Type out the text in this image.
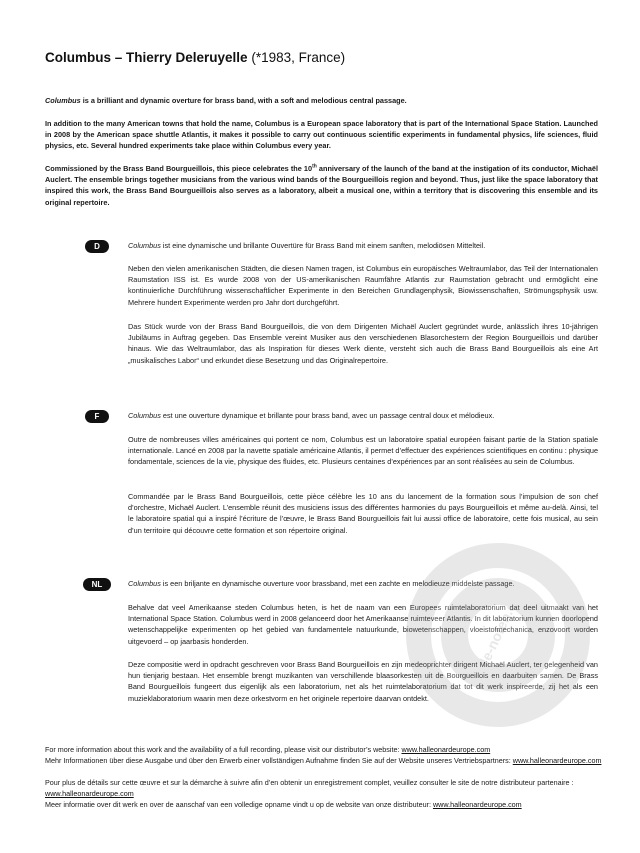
Columbus – Thierry Deleruyelle (*1983, France)

Columbus is a brilliant and dynamic overture for brass band, with a soft and melodious central passage.

In addition to the many American towns that hold the name, Columbus is a European space laboratory that is part of the International Space Station. Launched in 2008 by the American space shuttle Atlantis, it makes it possible to carry out continuous scientific experiments in fundamental physics, life sciences, fluid physics, etc. Several hundred experiments take place within Columbus every year.

Commissioned by the Brass Band Bourgueillois, this piece celebrates the 10th anniversary of the launch of the band at the instigation of its conductor, Michaël Auclert. The ensemble brings together musicians from the various wind bands of the Bourgueillois region and beyond. Thus, just like the space laboratory that inspired this work, the Brass Band Bourgueillois also serves as a laboratory, albeit a musical one, within a territory that is discovering this ensemble and its original repertoire.

D	Columbus ist eine dynamische und brillante Ouvertüre für Brass Band mit einem sanften, melodiösen Mittelteil.

Neben den vielen amerikanischen Städten, die diesen Namen tragen, ist Columbus ein europäisches Weltraumlabor, das Teil der Internationalen Raumstation ISS ist. Es wurde 2008 von der US-amerikanischen Raumfähre Atlantis zur Raumstation gebracht und ermöglicht eine kontinuierliche Durchführung wissenschaftlicher Experimente in den Bereichen Grundlagenphysik, Biowissenschaften, Strömungsphysik usw. Mehrere hundert Experimente werden pro Jahr dort durchgeführt.

Das Stück wurde von der Brass Band Bourgueillois, die von dem Dirigenten Michaël Auclert gegründet wurde, anlässlich ihres 10-jährigen Jubiläums in Auftrag gegeben. Das Ensemble vereint Musiker aus den verschiedenen Blasorchestern der Region Bourgueillois und darüber hinaus. Wie das Weltraumlabor, das als Inspiration für dieses Werk diente, versteht sich auch die Brass Band Bourgueillois als eine Art „musikalisches Labor“ und erkundet diese Besetzung und das Originalrepertoire.

F	Columbus est une ouverture dynamique et brillante pour brass band, avec un passage central doux et mélodieux.

Outre de nombreuses villes américaines qui portent ce nom, Columbus est un laboratoire spatial européen faisant partie de la Station spatiale internationale. Lancé en 2008 par la navette spatiale américaine Atlantis, il permet d’effectuer des expériences scientifiques en continu : physique fondamentale, sciences de la vie, physique des fluides, etc. Plusieurs centaines d’expériences par an sont réalisées au sein de Columbus.

Commandée par le Brass Band Bourgueillois, cette pièce célèbre les 10 ans du lancement de la formation sous l’impulsion de son chef d’orchestre, Michaël Auclert. L’ensemble réunit des musiciens issus des différentes harmonies du pays Bourgueillois et même au-delà. Ainsi, tel le laboratoire spatial qui a inspiré l’écriture de l’œuvre, le Brass Band Bourgueillois fait lui aussi office de laboratoire, cette fois musical, au sein d’un territoire qui découvre cette formation et son répertoire original.

NL	Columbus is een briljante en dynamische ouverture voor brassband, met een zachte en melodieuze middelste passage.

Behalve dat veel Amerikaanse steden Columbus heten, is het de naam van een Europees ruimtelaboratorium dat deel uitmaakt van het International Space Station. Columbus werd in 2008 gelanceerd door het Amerikaanse ruimteveer Atlantis. In dit laboratorium kunnen doorlopend wetenschappelijke experimenten op het gebied van fundamentele natuurkunde, biowetenschappen, vloeistofmechanica, enzovoort worden uitgevoerd – op jaarbasis honderden.

Deze compositie werd in opdracht geschreven voor Brass Band Bourgueillois en zijn medeoprichter dirigent Michaël Auclert, ter gelegenheid van hun tienjarig bestaan. Het ensemble brengt muzikanten van verschillende blaasorkesten uit de Bourgueillois en daarbuiten samen. De Brass Band Bourgueillois fungeert dus eigenlijk als een laboratorium, net als het ruimtelaboratorium dat tot dit werk inspireerde, zij het als een muzieklaboratorium waarin men deze orkestvorm en het originele repertoire daarvan ontdekt.

alle-noten.de

For more information about this work and the availability of a full recording, please visit our distributor’s website: www.halleonardeurope.com

Mehr Informationen über diese Ausgabe und über den Erwerb einer vollständigen Aufnahme finden Sie auf der Website unseres Vertriebspartners: www.halleonardeurope.com

Pour plus de détails sur cette œuvre et sur la démarche à suivre afin d’en obtenir un enregistrement complet, veuillez consulter le site de notre distributeur partenaire : www.halleonardeurope.com

Meer informatie over dit werk en over de aanschaf van een volledige opname vindt u op de website van onze distributeur: www.halleonardeurope.com
